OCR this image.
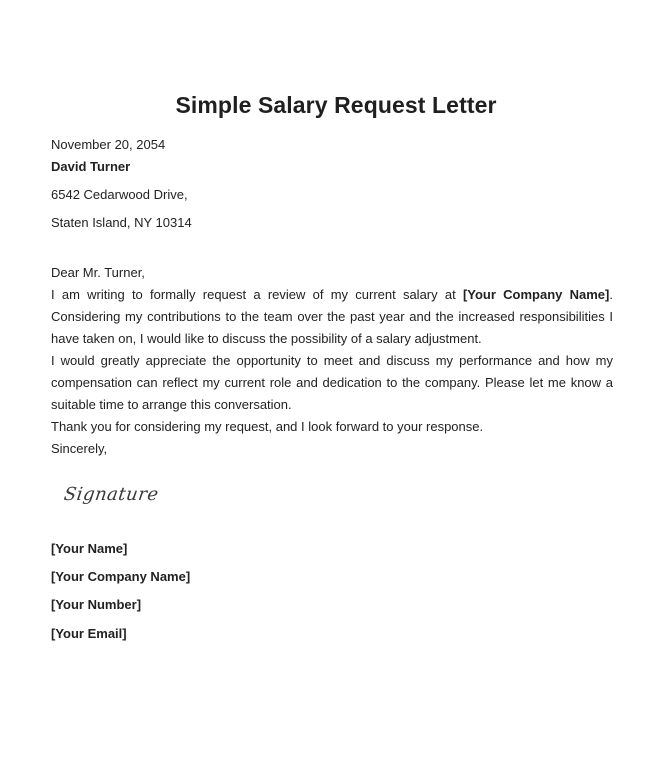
Simple Salary Request Letter
November 20, 2054
David Turner
6542 Cedarwood Drive,
Staten Island, NY 10314
Dear Mr. Turner,
I am writing to formally request a review of my current salary at [Your Company Name]. Considering my contributions to the team over the past year and the increased responsibilities I have taken on, I would like to discuss the possibility of a salary adjustment.
I would greatly appreciate the opportunity to meet and discuss my performance and how my compensation can reflect my current role and dedication to the company. Please let me know a suitable time to arrange this conversation.
Thank you for considering my request, and I look forward to your response.
Sincerely,
Signature
[Your Name]
[Your Company Name]
[Your Number]
[Your Email]
